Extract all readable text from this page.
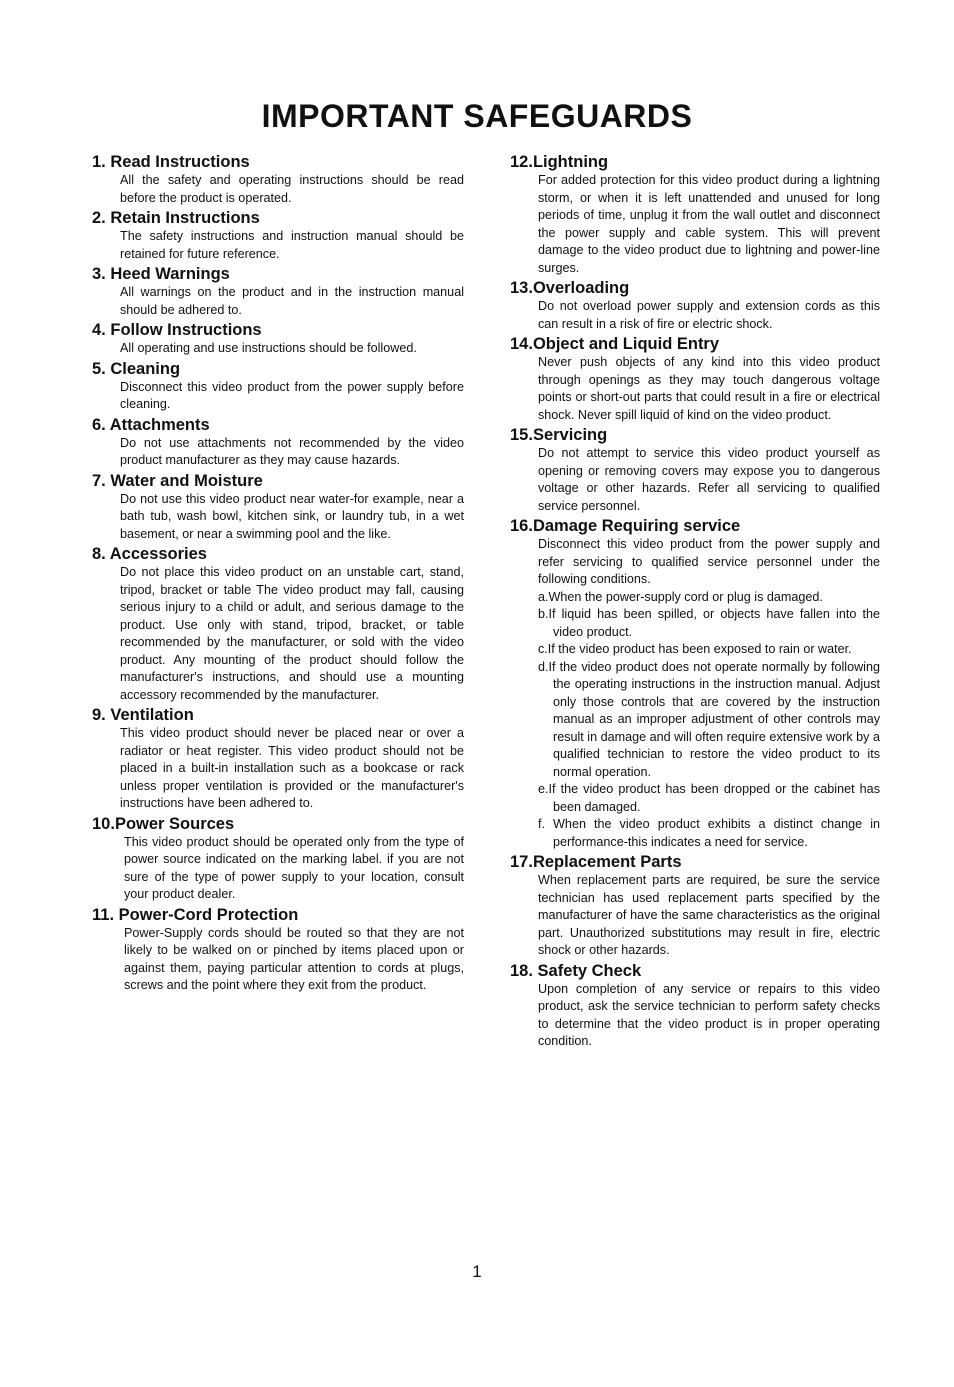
IMPORTANT SAFEGUARDS
1. Read Instructions
All the safety and operating instructions should be read before the product is operated.
2. Retain Instructions
The safety instructions and instruction manual should be retained for future reference.
3. Heed Warnings
All warnings on the product and in the instruction manual should be adhered to.
4. Follow Instructions
All operating and use instructions should be followed.
5. Cleaning
Disconnect this video product from the power supply before cleaning.
6. Attachments
Do not use attachments not recommended by the video product manufacturer as they may cause hazards.
7. Water and Moisture
Do not use this video product near water-for example, near a bath tub, wash bowl, kitchen sink, or laundry tub, in a wet basement, or near a swimming pool and the like.
8. Accessories
Do not place this video product on an unstable cart, stand, tripod, bracket or table The video product may fall, causing serious injury to a child or adult, and serious damage to the product. Use only with stand, tripod, bracket, or table recommended by the manufacturer, or sold with the video product. Any mounting of the product should follow the manufacturer's instructions, and should use a mounting accessory recommended by the manufacturer.
9. Ventilation
This video product should never be placed near or over a radiator or heat register. This video product should not be placed in a built-in installation such as a bookcase or rack unless proper ventilation is provided or the manufacturer's instructions have been adhered to.
10.Power Sources
This video product should be operated only from the type of power source indicated on the marking label. if you are not sure of the type of power supply to your location, consult your product dealer.
11. Power-Cord Protection
Power-Supply cords should be routed so that they are not likely to be walked on or pinched by items placed upon or against them, paying particular attention to cords at plugs, screws and the point where they exit from the product.
12.Lightning
For added protection for this video product during a lightning storm, or when it is left unattended and unused for long periods of time, unplug it from the wall outlet and disconnect the power supply and cable system. This will prevent damage to the video product due to lightning and power-line surges.
13.Overloading
Do not overload power supply and extension cords as this can result in a risk of fire or electric shock.
14.Object and Liquid Entry
Never push objects of any kind into this video product through openings as they may touch dangerous voltage points or short-out parts that could result in a fire or electrical shock. Never spill liquid of kind on the video product.
15.Servicing
Do not attempt to service this video product yourself as opening or removing covers may expose you to dangerous voltage or other hazards. Refer all servicing to qualified service personnel.
16.Damage Requiring service
Disconnect this video product from the power supply and refer servicing to qualified service personnel under the following conditions.
a.When the power-supply cord or plug is damaged.
b.If liquid has been spilled, or objects have fallen into the video product.
c.If the video product has been exposed to rain or water.
d.If the video product does not operate normally by following the operating instructions in the instruction manual. Adjust only those controls that are covered by the instruction manual as an improper adjustment of other controls may result in damage and will often require extensive work by a qualified technician to restore the video product to its normal operation.
e.If the video product has been dropped or the cabinet has been damaged.
f. When the video product exhibits a distinct change in performance-this indicates a need for service.
17.Replacement Parts
When replacement parts are required, be sure the service technician has used replacement parts specified by the manufacturer of have the same characteristics as the original part. Unauthorized substitutions may result in fire, electric shock or other hazards.
18. Safety Check
Upon completion of any service or repairs to this video product, ask the service technician to perform safety checks to determine that the video product is in proper operating condition.
1
